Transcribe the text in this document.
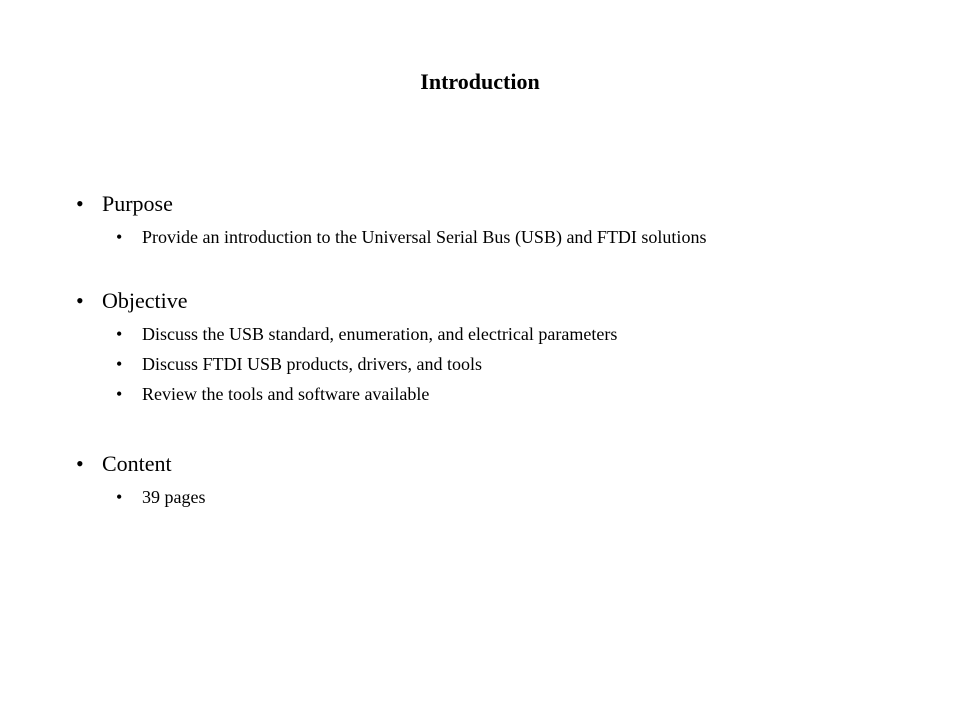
Introduction
• Purpose
•	Provide an introduction to the Universal Serial Bus (USB) and FTDI solutions
• Objective
•	Discuss the USB standard, enumeration, and electrical parameters
•	Discuss FTDI USB products, drivers, and tools
•	Review the tools and software available
• Content
•	39 pages
